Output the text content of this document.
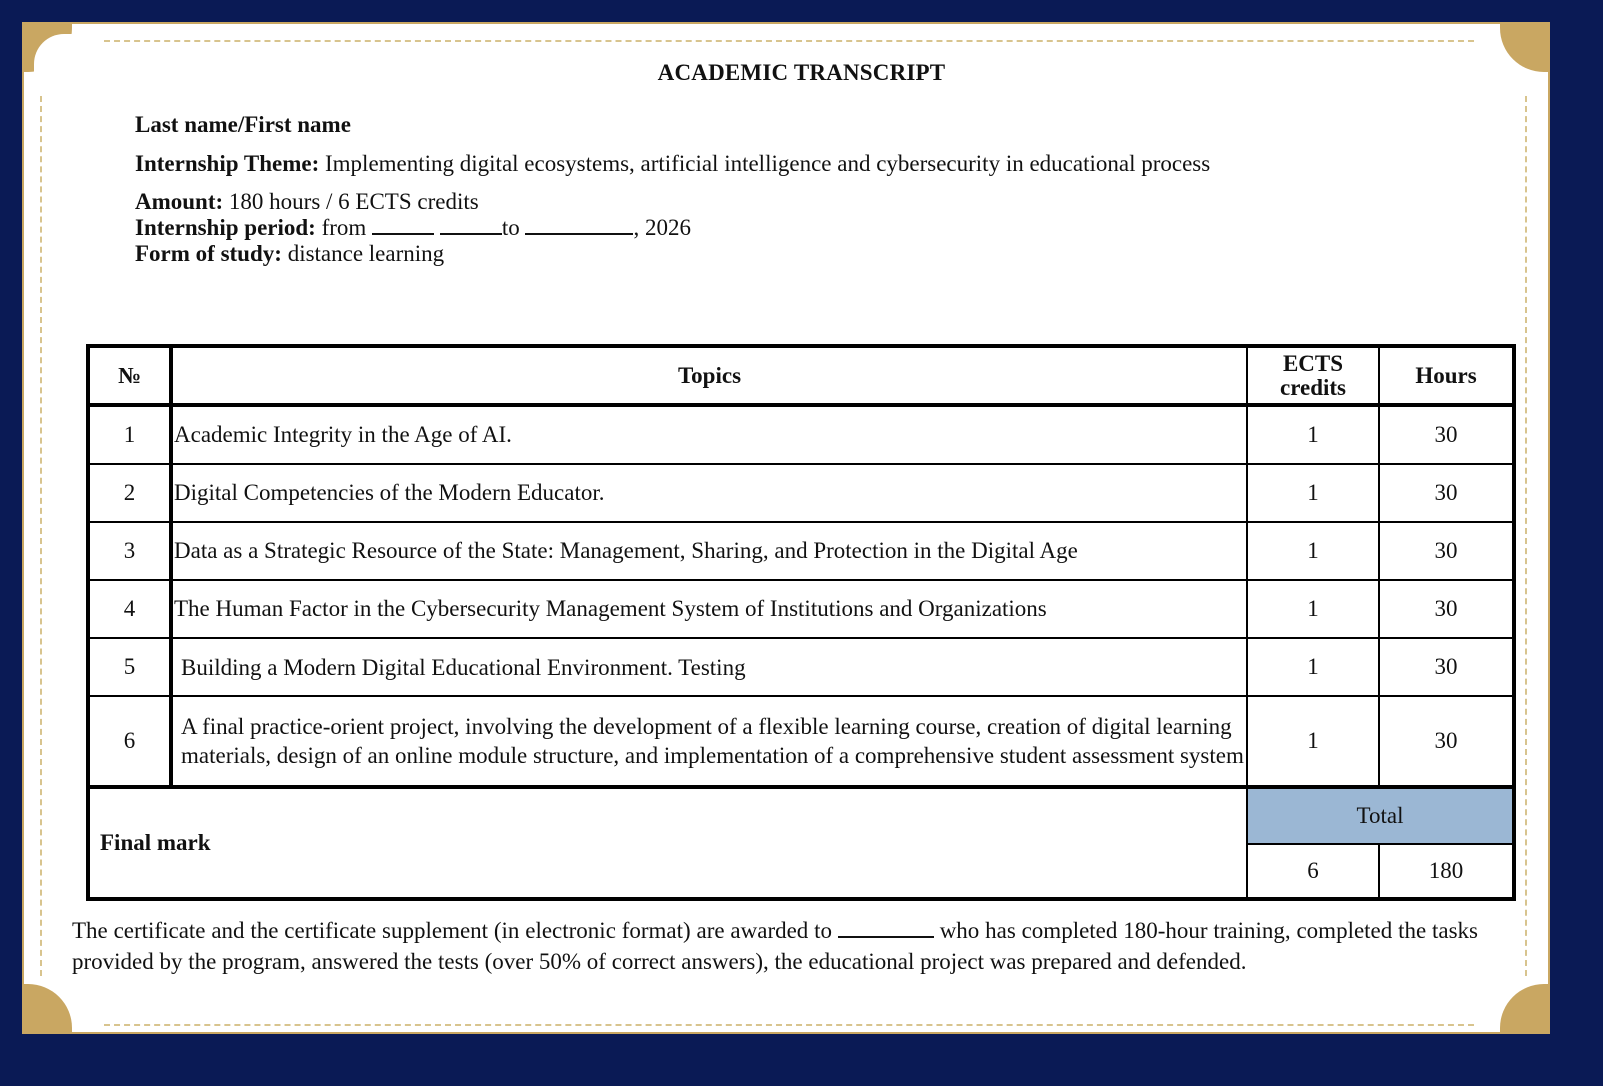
ACADEMIC TRANSCRIPT
Last name/First name
Internship Theme: Implementing digital ecosystems, artificial intelligence and cybersecurity in educational process
Amount: 180 hours / 6 ECTS credits
Internship period: from	to	, 2026
Form of study: distance learning
№	Topics	ECTS credits	Hours
1	Academic Integrity in the Age of AI.	1	30
2	Digital Competencies of the Modern Educator.	1	30
3	Data as a Strategic Resource of the State: Management, Sharing, and Protection in the Digital Age	1	30
4	The Human Factor in the Cybersecurity Management System of Institutions and Organizations	1	30
5	Building a Modern Digital Educational Environment. Testing	1	30
6	A final practice-orient project, involving the development of a flexible learning course, creation of digital learning materials, design of an online module structure, and implementation of a comprehensive student assessment system	1	30
Final mark		Total	
		6	180
The certificate and the certificate supplement (in electronic format) are awarded to	who has completed 180-hour training, completed the tasks provided by the program, answered the tests (over 50% of correct answers), the educational project was prepared and defended.
